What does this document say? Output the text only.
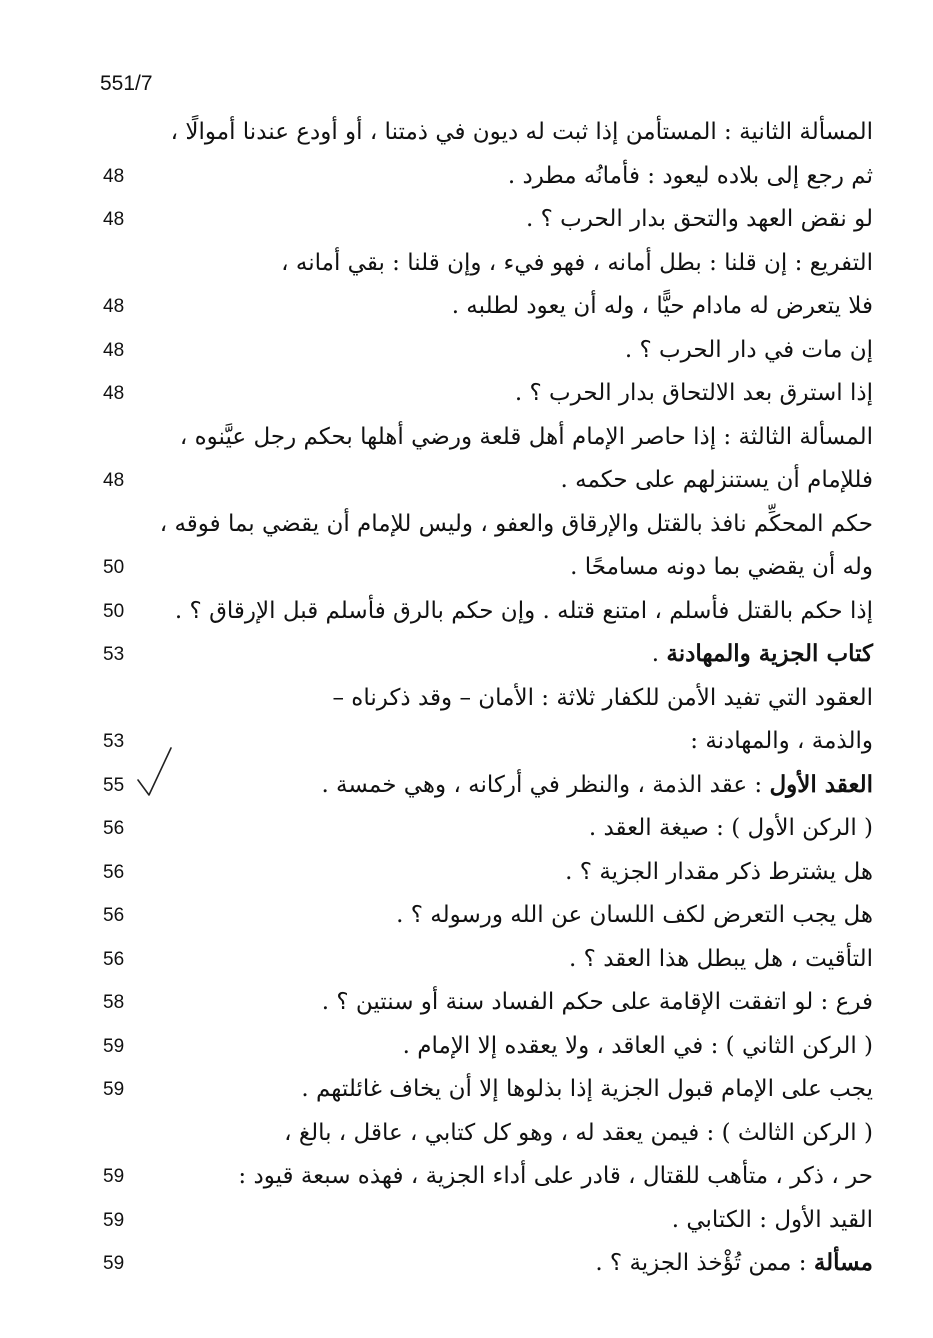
551/7
المسألة الثانية : المستأمن إذا ثبت له ديون في ذمتنا ، أو أودع عندنا أموالًا ،
48	ثم رجع إلى بلاده ليعود : فأمانُه مطرد .
48	لو نقض العهد والتحق بدار الحرب ؟ .
التفريع : إن قلنا : بطل أمانه ، فهو فيء ، وإن قلنا : بقي أمانه ،
48	فلا يتعرض له مادام حيًّا ، وله أن يعود لطلبه .
48	إن مات في دار الحرب ؟ .
48	إذا استرق بعد الالتحاق بدار الحرب ؟ .
المسألة الثالثة : إذا حاصر الإمام أهل قلعة ورضي أهلها بحكم رجل عيَّنوه ،
48	فللإمام أن يستنزلهم على حكمه .
حكم المحكِّم نافذ بالقتل والإرقاق والعفو ، وليس للإمام أن يقضي بما فوقه ،
50	وله أن يقضي بما دونه مسامحًا .
50	إذا حكم بالقتل فأسلم ، امتنع قتله . وإن حكم بالرق فأسلم قبل الإرقاق ؟ .
53	كتاب الجزية والمهادنة .
العقود التي تفيد الأمن للكفار ثلاثة : الأمان – وقد ذكرناه –
53	والذمة ، والمهادنة :
55	العقد الأول : عقد الذمة ، والنظر في أركانه ، وهي خمسة .
56	( الركن الأول ) : صيغة العقد .
56	هل يشترط ذكر مقدار الجزية ؟ .
56	هل يجب التعرض لكف اللسان عن الله ورسوله ؟ .
56	التأقيت ، هل يبطل هذا العقد ؟ .
58	فرع : لو اتفقت الإقامة على حكم الفساد سنة أو سنتين ؟ .
59	( الركن الثاني ) : في العاقد ، ولا يعقده إلا الإمام .
59	يجب على الإمام قبول الجزية إذا بذلوها إلا أن يخاف غائلتهم .
( الركن الثالث ) : فيمن يعقد له ، وهو كل كتابي ، عاقل ، بالغ ،
59	حر ، ذكر ، متأهب للقتال ، قادر على أداء الجزية ، فهذه سبعة قيود :
59	القيد الأول : الكتابي .
59	مسألة : ممن تُؤْخذ الجزية ؟ .
